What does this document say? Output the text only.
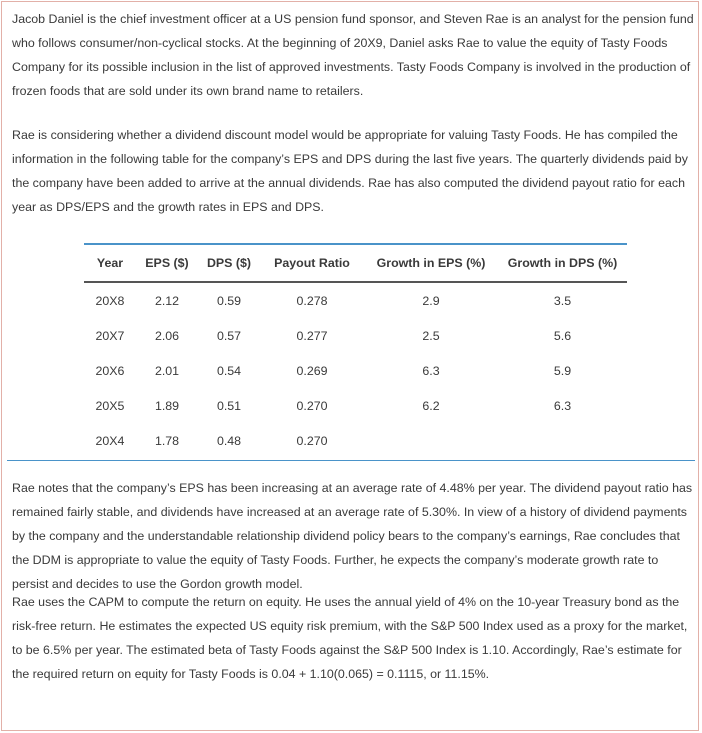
Jacob Daniel is the chief investment officer at a US pension fund sponsor, and Steven Rae is an analyst for the pension fund who follows consumer/non-cyclical stocks. At the beginning of 20X9, Daniel asks Rae to value the equity of Tasty Foods Company for its possible inclusion in the list of approved investments. Tasty Foods Company is involved in the production of frozen foods that are sold under its own brand name to retailers.

Rae is considering whether a dividend discount model would be appropriate for valuing Tasty Foods. He has compiled the information in the following table for the company’s EPS and DPS during the last five years. The quarterly dividends paid by the company have been added to arrive at the annual dividends. Rae has also computed the dividend payout ratio for each year as DPS/EPS and the growth rates in EPS and DPS.

Year	EPS ($)	DPS ($)	Payout Ratio	Growth in EPS (%)	Growth in DPS (%)
20X8	2.12	0.59	0.278	2.9	3.5
20X7	2.06	0.57	0.277	2.5	5.6
20X6	2.01	0.54	0.269	6.3	5.9
20X5	1.89	0.51	0.270	6.2	6.3
20X4	1.78	0.48	0.270		

Rae notes that the company’s EPS has been increasing at an average rate of 4.48% per year. The dividend payout ratio has remained fairly stable, and dividends have increased at an average rate of 5.30%. In view of a history of dividend payments by the company and the understandable relationship dividend policy bears to the company’s earnings, Rae concludes that the DDM is appropriate to value the equity of Tasty Foods. Further, he expects the company’s moderate growth rate to persist and decides to use the Gordon growth model.

Rae uses the CAPM to compute the return on equity. He uses the annual yield of 4% on the 10-year Treasury bond as the risk-free return. He estimates the expected US equity risk premium, with the S&P 500 Index used as a proxy for the market, to be 6.5% per year. The estimated beta of Tasty Foods against the S&P 500 Index is 1.10. Accordingly, Rae’s estimate for the required return on equity for Tasty Foods is 0.04 + 1.10(0.065) = 0.1115, or 11.15%.
